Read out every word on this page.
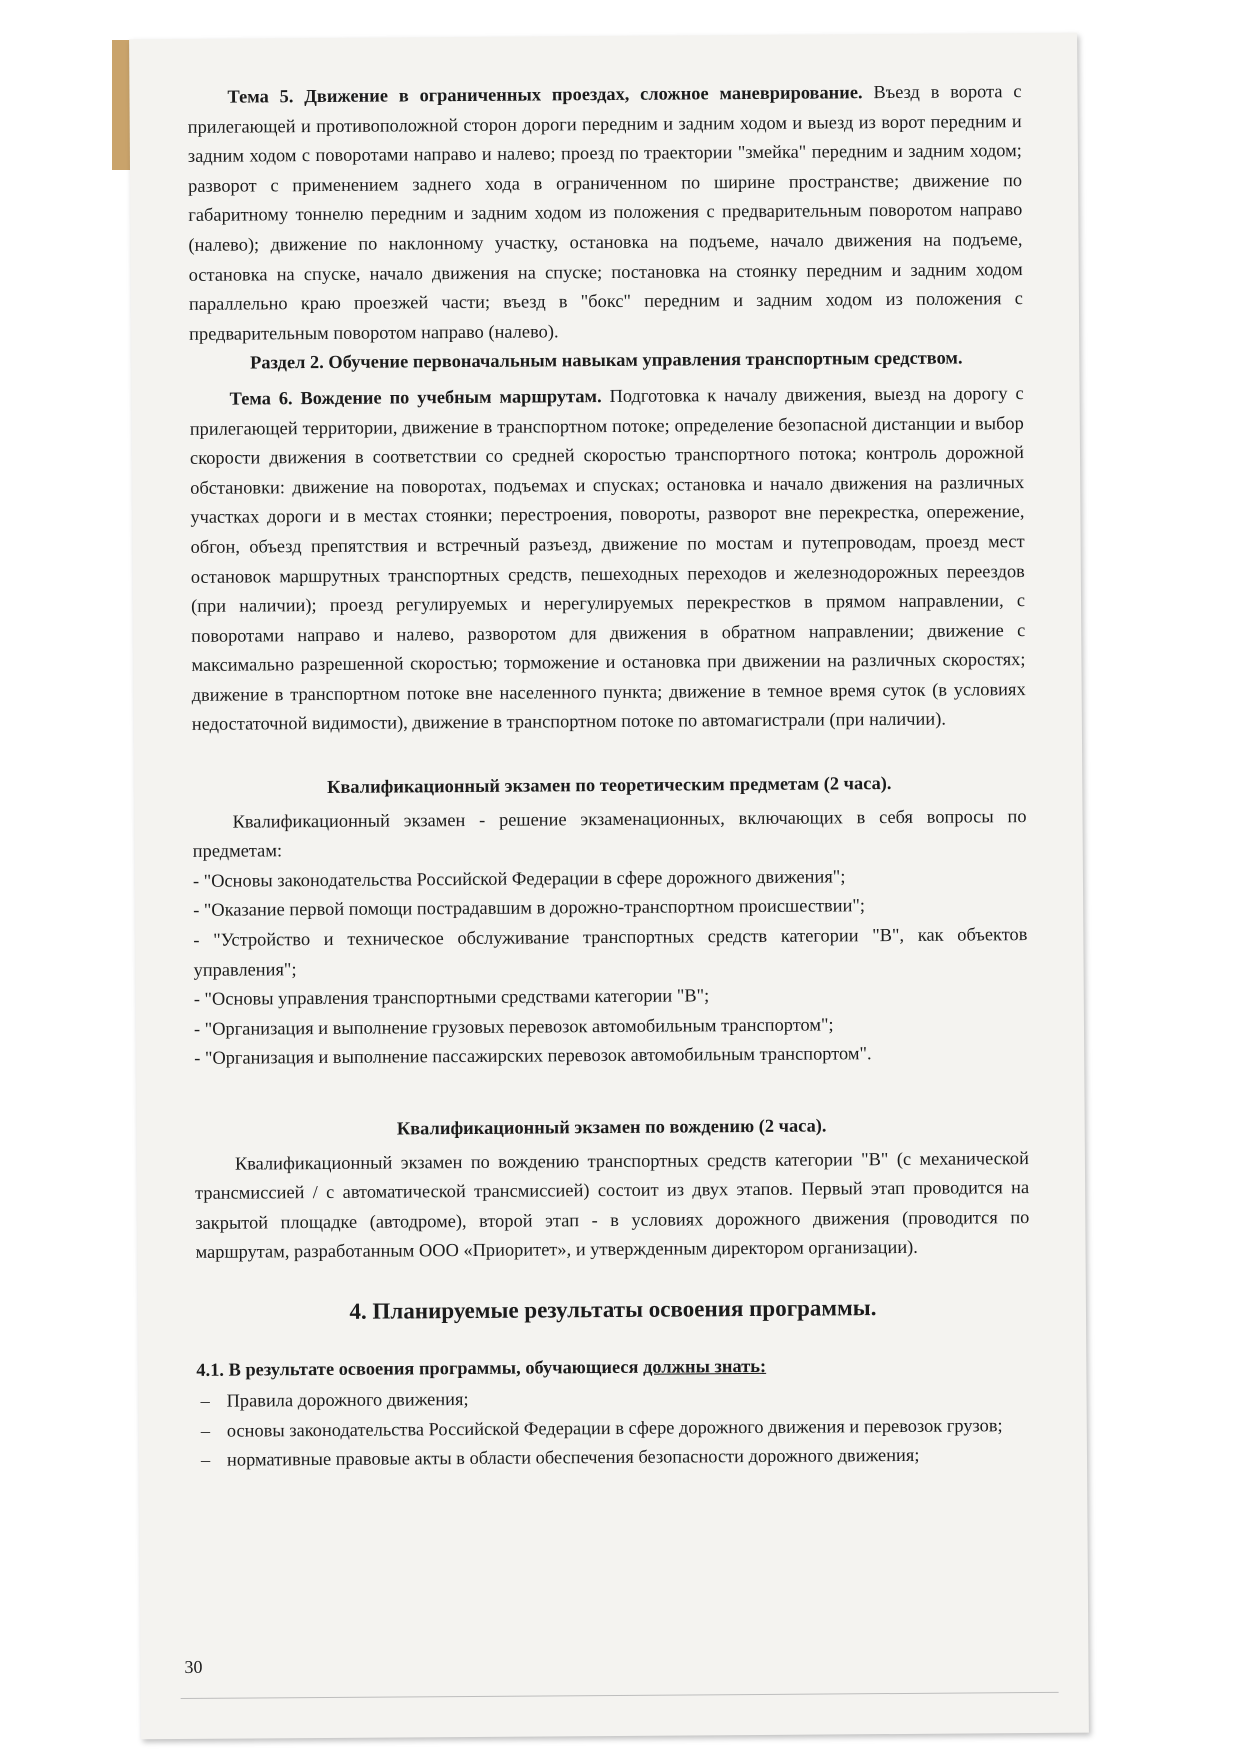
Тема 5. Движение в ограниченных проездах, сложное маневрирование. Въезд в ворота с прилегающей и противоположной сторон дороги передним и задним ходом и выезд из ворот передним и задним ходом с поворотами направо и налево; проезд по траектории "змейка" передним и задним ходом; разворот с применением заднего хода в ограниченном по ширине пространстве; движение по габаритному тоннелю передним и задним ходом из положения с предварительным поворотом направо (налево); движение по наклонному участку, остановка на подъеме, начало движения на подъеме, остановка на спуске, начало движения на спуске; постановка на стоянку передним и задним ходом параллельно краю проезжей части; въезд в "бокс" передним и задним ходом из положения с предварительным поворотом направо (налево).

Раздел 2. Обучение первоначальным навыкам управления транспортным средством.

Тема 6. Вождение по учебным маршрутам. Подготовка к началу движения, выезд на дорогу с прилегающей территории, движение в транспортном потоке; определение безопасной дистанции и выбор скорости движения в соответствии со средней скоростью транспортного потока; контроль дорожной обстановки: движение на поворотах, подъемах и спусках; остановка и начало движения на различных участках дороги и в местах стоянки; перестроения, повороты, разворот вне перекрестка, опережение, обгон, объезд препятствия и встречный разъезд, движение по мостам и путепроводам, проезд мест остановок маршрутных транспортных средств, пешеходных переходов и железнодорожных переездов (при наличии); проезд регулируемых и нерегулируемых перекрестков в прямом направлении, с поворотами направо и налево, разворотом для движения в обратном направлении; движение с максимально разрешенной скоростью; торможение и остановка при движении на различных скоростях; движение в транспортном потоке вне населенного пункта; движение в темное время суток (в условиях недостаточной видимости), движение в транспортном потоке по автомагистрали (при наличии).

Квалификационный экзамен по теоретическим предметам (2 часа).

Квалификационный экзамен - решение экзаменационных, включающих в себя вопросы по предметам:

- "Основы законодательства Российской Федерации в сфере дорожного движения";
- "Оказание первой помощи пострадавшим в дорожно-транспортном происшествии";
- "Устройство и техническое обслуживание транспортных средств категории "В", как объектов управления";
- "Основы управления транспортными средствами категории "В";
- "Организация и выполнение грузовых перевозок автомобильным транспортом";
- "Организация и выполнение пассажирских перевозок автомобильным транспортом".

Квалификационный экзамен по вождению (2 часа).

Квалификационный экзамен по вождению транспортных средств категории "В" (с механической трансмиссией / с автоматической трансмиссией) состоит из двух этапов. Первый этап проводится на закрытой площадке (автодроме), второй этап - в условиях дорожного движения (проводится по маршрутам, разработанным ООО «Приоритет», и утвержденным директором организации).

4. Планируемые результаты освоения программы.

4.1. В результате освоения программы, обучающиеся должны знать:

– Правила дорожного движения;
– основы законодательства Российской Федерации в сфере дорожного движения и перевозок грузов;
– нормативные правовые акты в области обеспечения безопасности дорожного движения;
30
